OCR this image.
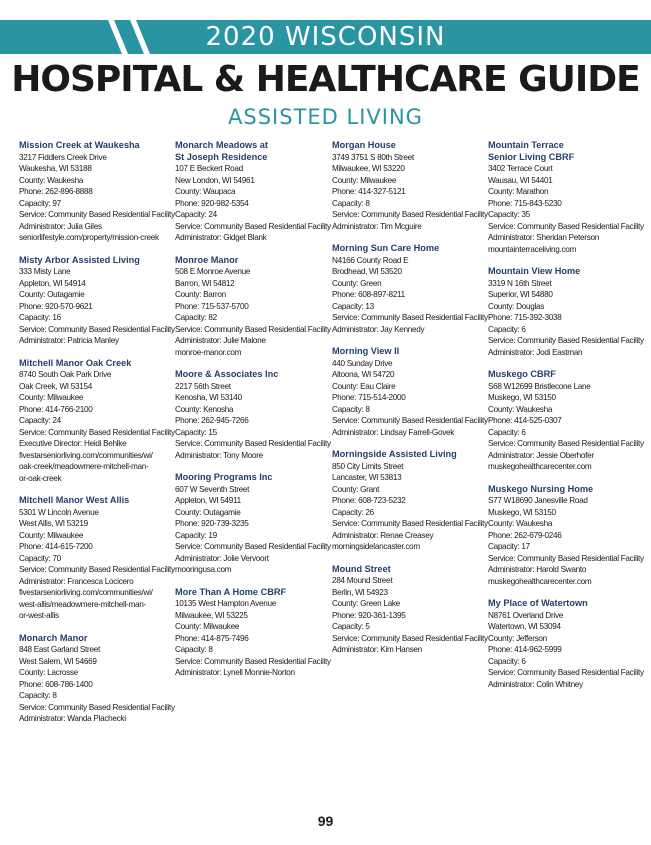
2020 WISCONSIN
HOSPITAL & HEALTHCARE GUIDE
ASSISTED LIVING
Mission Creek at Waukesha
3217 Fiddlers Creek Drive
Waukesha, WI 53188
County: Waukesha
Phone: 262-896-8888
Capacity: 97
Service: Community Based Residential Facility
Administrator: Julia Giles
seniorlifestyle.com/property/mission-creek
Misty Arbor Assisted Living
333 Misty Lane
Appleton, WI 54914
County: Outagamie
Phone: 920-570-9621
Capacity: 16
Service: Community Based Residential Facility
Administrator: Patricia Manley
Mitchell Manor Oak Creek
8740 South Oak Park Drive
Oak Creek, WI 53154
County: Milwaukee
Phone: 414-766-2100
Capacity: 24
Service: Community Based Residential Facility
Executive Director: Heidi Behlke
fivestarseniorliving.com/communities/wi/
oak-creek/meadowmere-mitchell-man-
or-oak-creek
Mitchell Manor West Allis
5301 W Lincoln Avenue
West Allis, WI 53219
County: Milwaukee
Phone: 414-615-7200
Capacity: 70
Service: Community Based Residential Facility
Administrator: Francesca Locicero
fivestarseniorliving.com/communities/wi/
west-allis/meadowmere-mitchell-man-
or-west-allis
Monarch Manor
848 East Garland Street
West Salem, WI 54669
County: Lacrosse
Phone: 608-786-1400
Capacity: 8
Service: Community Based Residential Facility
Administrator: Wanda Plachecki
Monarch Meadows at
St Joseph Residence
107 E Beckert Road
New London, WI 54961
County: Waupaca
Phone: 920-982-5354
Capacity: 24
Service: Community Based Residential Facility
Administrator: Gidget Blank
Monroe Manor
508 E Monroe Avenue
Barron, WI 54812
County: Barron
Phone: 715-537-5700
Capacity: 82
Service: Community Based Residential Facility
Administrator: Julie Malone
monroe-manor.com
Moore & Associates Inc
2217 56th Street
Kenosha, WI 53140
County: Kenosha
Phone: 262-945-7266
Capacity: 15
Service: Community Based Residential Facility
Administrator: Tony Moore
Mooring Programs Inc
607 W Seventh Street
Appleton, WI 54911
County: Outagamie
Phone: 920-739-3235
Capacity: 19
Service: Community Based Residential Facility
Administrator: Jolie Vervoort
mooringusa.com
More Than A Home CBRF
10135 West Hampton Avenue
Milwaukee, WI 53225
County: Milwaukee
Phone: 414-875-7496
Capacity: 8
Service: Community Based Residential Facility
Administrator: Lynell Monnie-Norton
Morgan House
3749 3751 S 80th Street
Milwaukee, WI 53220
County: Milwaukee
Phone: 414-327-5121
Capacity: 8
Service: Community Based Residential Facility
Administrator: Tim Mcguire
Morning Sun Care Home
N4166 County Road E
Brodhead, WI 53520
County: Green
Phone: 608-897-8211
Capacity: 13
Service: Community Based Residential Facility
Administrator: Jay Kennedy
Morning View II
440 Sunday Drive
Altoona, WI 54720
County: Eau Claire
Phone: 715-514-2000
Capacity: 8
Service: Community Based Residential Facility
Administrator: Lindsay Farrell-Govek
Morningside Assisted Living
850 City Limits Street
Lancaster, WI 53813
County: Grant
Phone: 608-723-5232
Capacity: 26
Service: Community Based Residential Facility
Administrator: Renae Creasey
morningsidelancaster.com
Mound Street
284 Mound Street
Berlin, WI 54923
County: Green Lake
Phone: 920-361-1395
Capacity: 5
Service: Community Based Residential Facility
Administrator: Kim Hansen
Mountain Terrace
Senior Living CBRF
3402 Terrace Court
Wausau, WI 54401
County: Marathon
Phone: 715-843-5230
Capacity: 35
Service: Community Based Residential Facility
Administrator: Sheridan Peterson
mountainterraceliving.com
Mountain View Home
3319 N 16th Street
Superior, WI 54880
County: Douglas
Phone: 715-392-3038
Capacity: 6
Service: Community Based Residential Facility
Administrator: Jodi Eastman
Muskego CBRF
S68 W12699 Bristlecone Lane
Muskego, WI 53150
County: Waukesha
Phone: 414-525-0307
Capacity: 6
Service: Community Based Residential Facility
Administrator: Jessie Oberhofer
muskegohealthcarecenter.com
Muskego Nursing Home
S77 W18690 Janesville Road
Muskego, WI 53150
County: Waukesha
Phone: 262-679-0246
Capacity: 17
Service: Community Based Residential Facility
Administrator: Harold Swanto
muskegohealthcarecenter.com
My Place of Watertown
N8761 Overland Drive
Watertown, WI 53094
County: Jefferson
Phone: 414-962-5999
Capacity: 6
Service: Community Based Residential Facility
Administrator: Colin Whitney
99
